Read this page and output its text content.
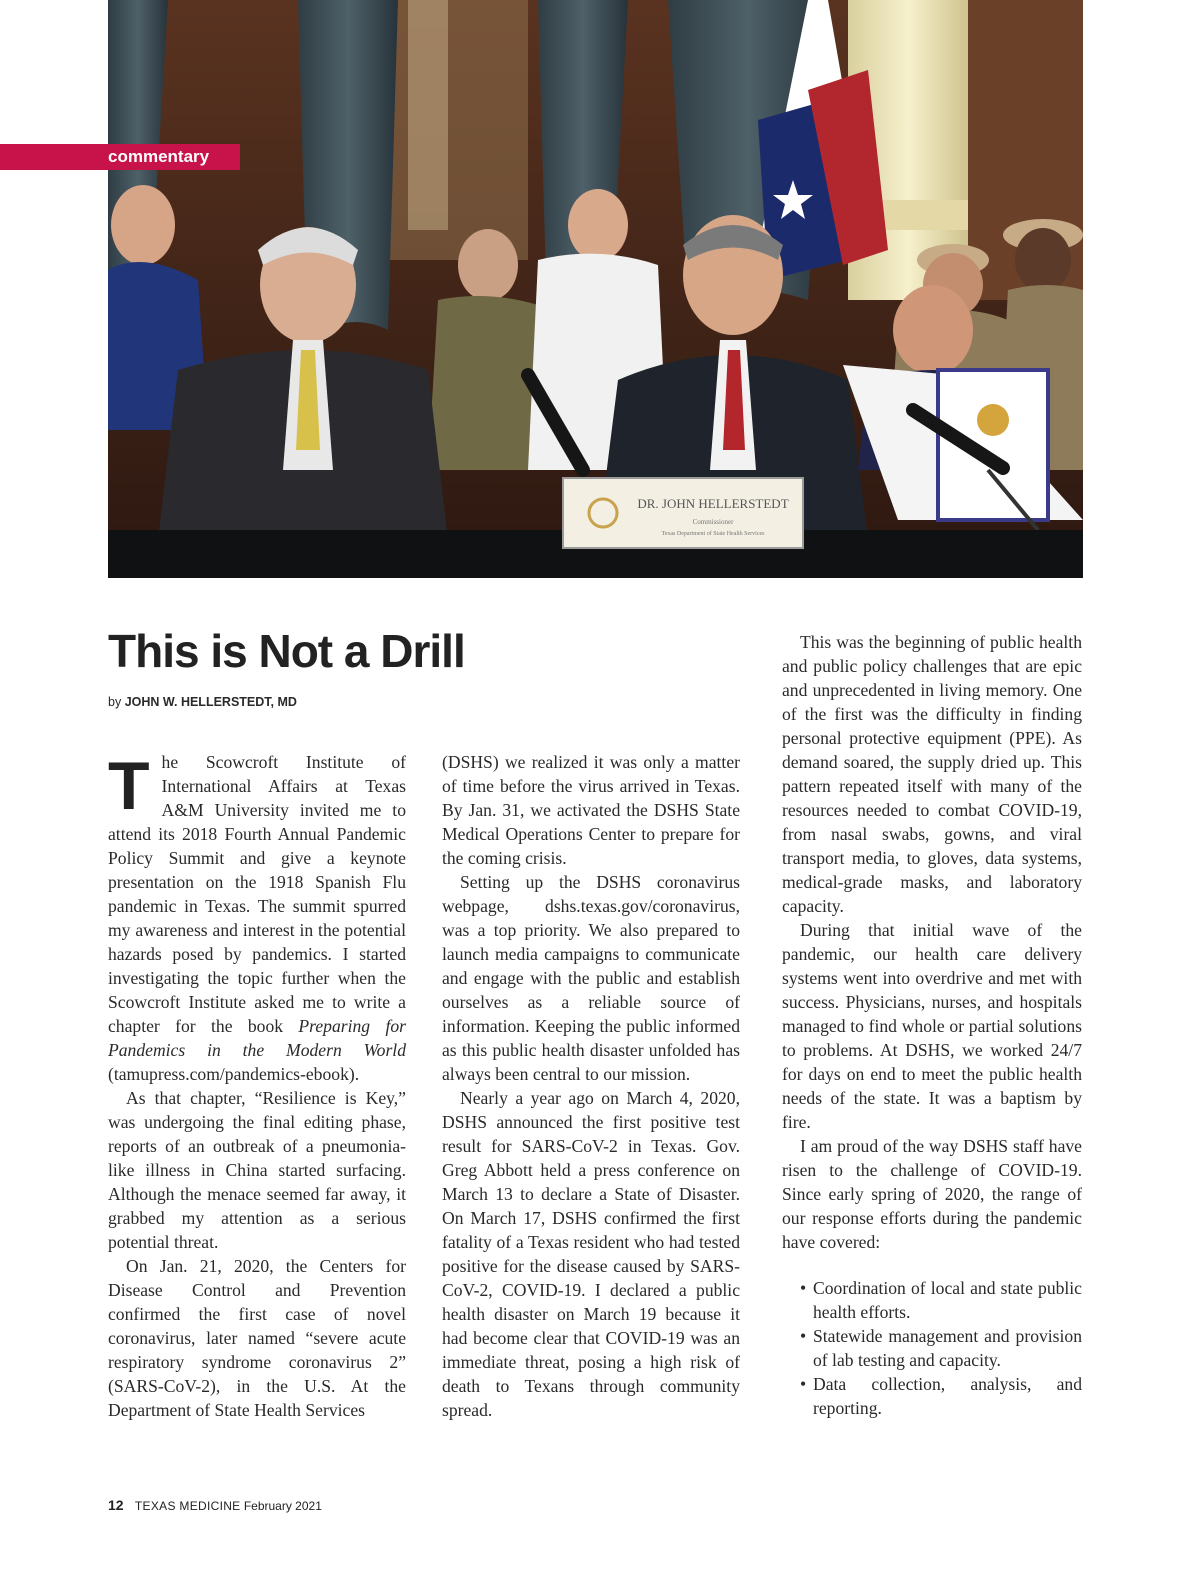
DR. JOHN HELLERSTEDT
Commissioner
Texas Department of State Health Services
commentary
This is Not a Drill

by JOHN W. HELLERSTEDT, MD

The Scowcroft Institute of International Affairs at Texas A&M University invited me to attend its 2018 Fourth Annual Pandemic Policy Summit and give a keynote presentation on the 1918 Spanish Flu pandemic in Texas. The summit spurred my awareness and interest in the potential hazards posed by pandemics. I started investigating the topic further when the Scowcroft Institute asked me to write a chapter for the book Preparing for Pandemics in the Modern World (tamupress.com/pandemics-ebook).

As that chapter, “Resilience is Key,” was undergoing the final editing phase, reports of an outbreak of a pneumonia-like illness in China started surfacing. Although the menace seemed far away, it grabbed my attention as a serious potential threat.

On Jan. 21, 2020, the Centers for Disease Control and Prevention confirmed the first case of novel coronavirus, later named “severe acute respiratory syndrome coronavirus 2” (SARS-CoV-2), in the U.S. At the Department of State Health Services

(DSHS) we realized it was only a matter of time before the virus arrived in Texas. By Jan. 31, we activated the DSHS State Medical Operations Center to prepare for the coming crisis.

Setting up the DSHS coronavirus webpage, dshs.texas.gov/coronavirus, was a top priority. We also prepared to launch media campaigns to communicate and engage with the public and establish ourselves as a reliable source of information. Keeping the public informed as this public health disaster unfolded has always been central to our mission.

Nearly a year ago on March 4, 2020, DSHS announced the first positive test result for SARS-CoV-2 in Texas. Gov. Greg Abbott held a press conference on March 13 to declare a State of Disaster. On March 17, DSHS confirmed the first fatality of a Texas resident who had tested positive for the disease caused by SARS-CoV-2, COVID-19. I declared a public health disaster on March 19 because it had become clear that COVID-19 was an immediate threat, posing a high risk of death to Texans through community spread.

This was the beginning of public health and public policy challenges that are epic and unprecedented in living memory. One of the first was the difficulty in finding personal protective equipment (PPE). As demand soared, the supply dried up. This pattern repeated itself with many of the resources needed to combat COVID-19, from nasal swabs, gowns, and viral transport media, to gloves, data systems, medical-grade masks, and laboratory capacity.

During that initial wave of the pandemic, our health care delivery systems went into overdrive and met with success. Physicians, nurses, and hospitals managed to find whole or partial solutions to problems. At DSHS, we worked 24/7 for days on end to meet the public health needs of the state. It was a baptism by fire.

I am proud of the way DSHS staff have risen to the challenge of COVID-19. Since early spring of 2020, the range of our response efforts during the pandemic have covered:

• Coordination of local and state public health efforts.
• Statewide management and provision of lab testing and capacity.
• Data collection, analysis, and reporting.
12 TEXAS MEDICINE February 2021
